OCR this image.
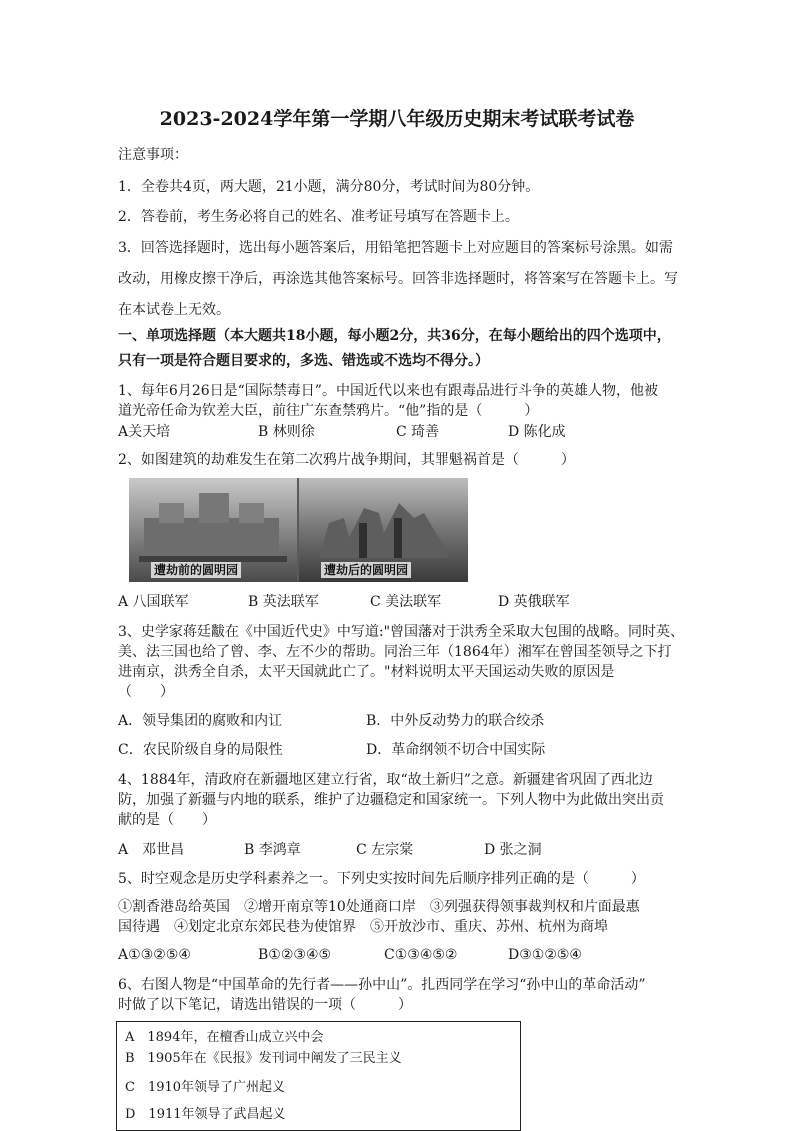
2023-2024学年第一学期八年级历史期末考试联考试卷
注意事项：
1．全卷共4页，两大题，21小题，满分80分，考试时间为80分钟。
2．答卷前，考生务必将自己的姓名、准考证号填写在答题卡上。
3．回答选择题时，选出每小题答案后，用铅笔把答题卡上对应题目的答案标号涂黑。如需
改动，用橡皮擦干净后，再涂选其他答案标号。回答非选择题时，将答案写在答题卡上。写
在本试卷上无效。
一、单项选择题（本大题共18小题，每小题2分，共36分，在每小题给出的四个选项中，
只有一项是符合题目要求的，多选、错选或不选均不得分。）
1、每年6月26日是“国际禁毒日”。中国近代以来也有跟毒品进行斗争的英雄人物，他被
道光帝任命为钦差大臣，前往广东查禁鸦片。“他”指的是（　　　）
A关天培	B 林则徐	C 琦善	D 陈化成
2、如图建筑的劫难发生在第二次鸦片战争期间，其罪魁祸首是（　　　）
遭劫前的圆明园	遭劫后的圆明园
A 八国联军	B 英法联军	C 美法联军	D 英俄联军
3、史学家蒋廷黻在《中国近代史》中写道:"曾国藩对于洪秀全采取大包围的战略。同时英、
美、法三国也给了曾、李、左不少的帮助。同治三年（1864年）湘军在曾国荃领导之下打
进南京，洪秀全自杀，太平天国就此亡了。"材料说明太平天国运动失败的原因是
（　　）
A．领导集团的腐败和内讧	B．中外反动势力的联合绞杀
C．农民阶级自身的局限性	D．革命纲领不切合中国实际
4、1884年，清政府在新疆地区建立行省，取“故土新归”之意。新疆建省巩固了西北边
防，加强了新疆与内地的联系，维护了边疆稳定和国家统一。下列人物中为此做出突出贡
献的是（　　）
A　邓世昌	B 李鸿章	C 左宗棠	D 张之洞
5、时空观念是历史学科素养之一。下列史实按时间先后顺序排列正确的是（　　　）
①割香港岛给英国　②增开南京等10处通商口岸　③列强获得领事裁判权和片面最惠
国待遇　④划定北京东郊民巷为使馆界　⑤开放沙市、重庆、苏州、杭州为商埠
A①③②⑤④	B①②③④⑤	C①③④⑤②	D③①②⑤④
6、右图人物是“中国革命的先行者——孙中山”。扎西同学在学习“孙中山的革命活动”
时做了以下笔记，请选出错误的一项（　　　）
A　1894年，在檀香山成立兴中会
B　1905年在《民报》发刊词中阐发了三民主义
C　1910年领导了广州起义
D　1911年领导了武昌起义
